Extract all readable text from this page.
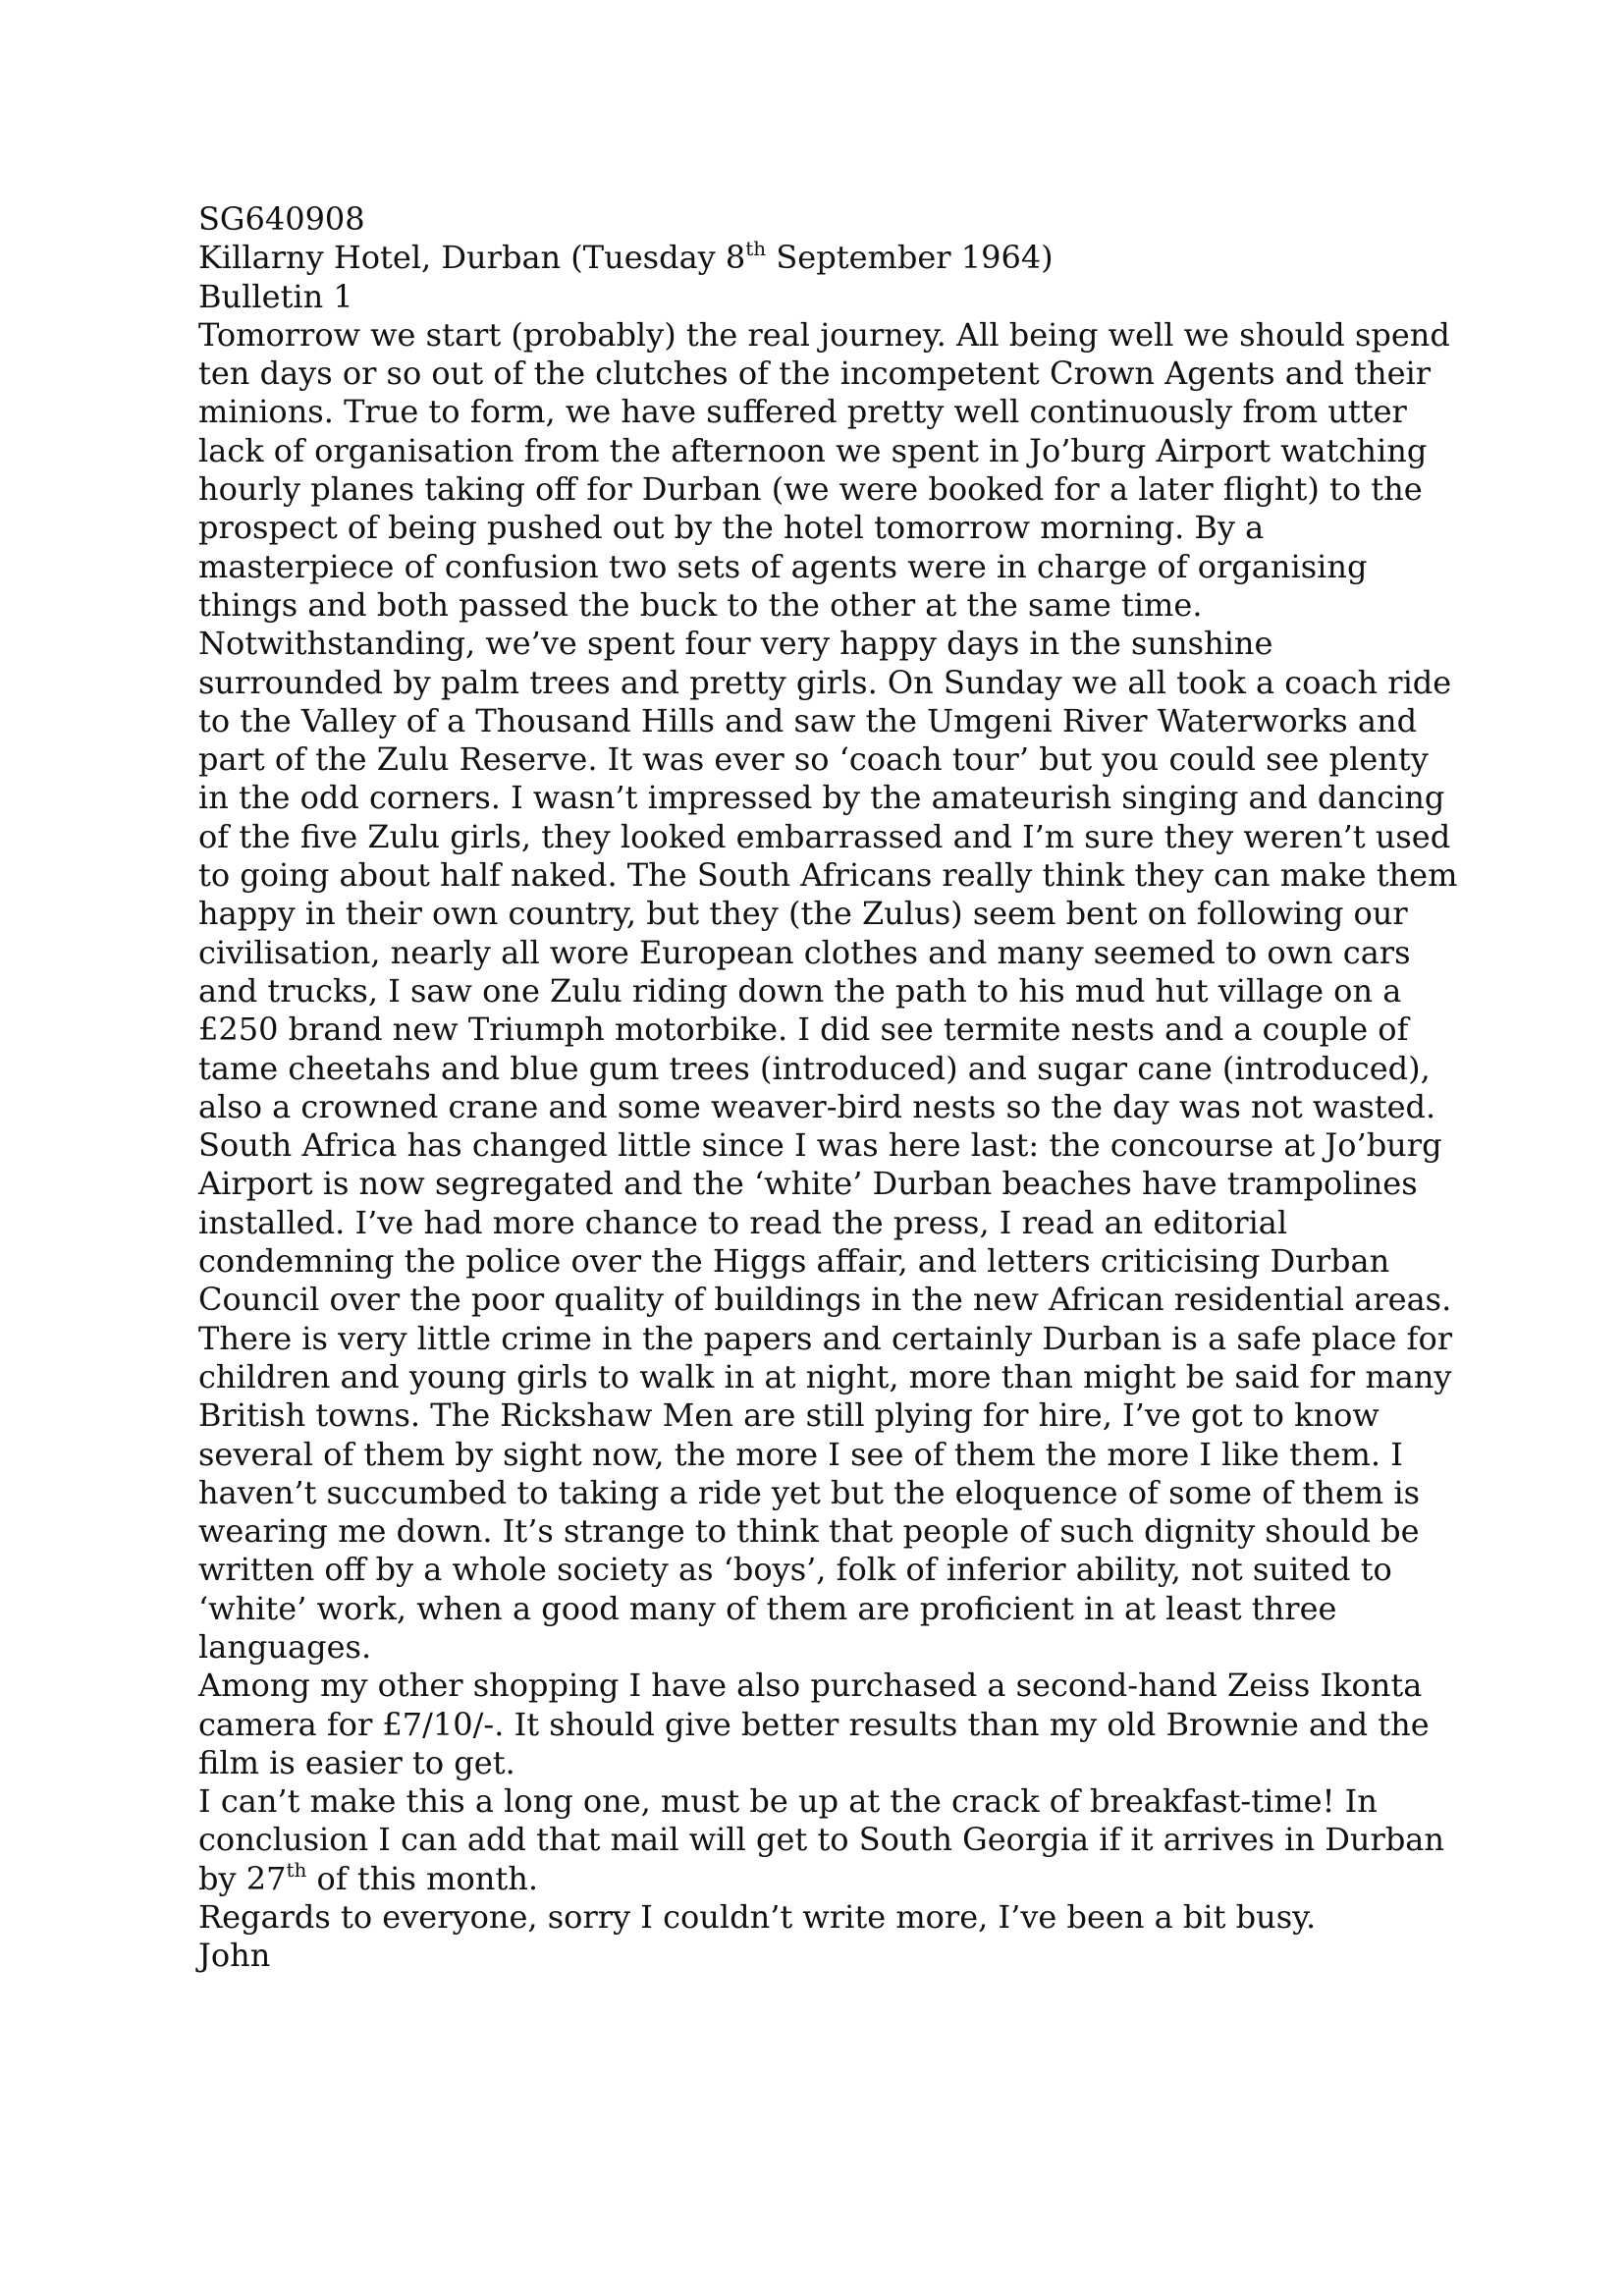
SG640908

Killarny Hotel, Durban (Tuesday 8th September 1964)

Bulletin 1

Tomorrow we start (probably) the real journey. All being well we should spend ten days or so out of the clutches of the incompetent Crown Agents and their minions. True to form, we have suffered pretty well continuously from utter lack of organisation from the afternoon we spent in Jo’burg Airport watching hourly planes taking off for Durban (we were booked for a later flight) to the prospect of being pushed out by the hotel tomorrow morning. By a masterpiece of confusion two sets of agents were in charge of organising things and both passed the buck to the other at the same time. Notwithstanding, we’ve spent four very happy days in the sunshine surrounded by palm trees and pretty girls. On Sunday we all took a coach ride to the Valley of a Thousand Hills and saw the Umgeni River Waterworks and part of the Zulu Reserve. It was ever so ‘coach tour’ but you could see plenty in the odd corners. I wasn’t impressed by the amateurish singing and dancing of the five Zulu girls, they looked embarrassed and I’m sure they weren’t used to going about half naked. The South Africans really think they can make them happy in their own country, but they (the Zulus) seem bent on following our civilisation, nearly all wore European clothes and many seemed to own cars and trucks, I saw one Zulu riding down the path to his mud hut village on a £250 brand new Triumph motorbike. I did see termite nests and a couple of tame cheetahs and blue gum trees (introduced) and sugar cane (introduced), also a crowned crane and some weaver-bird nests so the day was not wasted.

South Africa has changed little since I was here last: the concourse at Jo’burg Airport is now segregated and the ‘white’ Durban beaches have trampolines installed. I’ve had more chance to read the press, I read an editorial condemning the police over the Higgs affair, and letters criticising Durban Council over the poor quality of buildings in the new African residential areas. There is very little crime in the papers and certainly Durban is a safe place for children and young girls to walk in at night, more than might be said for many British towns. The Rickshaw Men are still plying for hire, I’ve got to know several of them by sight now, the more I see of them the more I like them. I haven’t succumbed to taking a ride yet but the eloquence of some of them is wearing me down. It’s strange to think that people of such dignity should be written off by a whole society as ‘boys’, folk of inferior ability, not suited to ‘white’ work, when a good many of them are proficient in at least three languages.

Among my other shopping I have also purchased a second-hand Zeiss Ikonta camera for £7/10/-. It should give better results than my old Brownie and the film is easier to get.

I can’t make this a long one, must be up at the crack of breakfast-time! In conclusion I can add that mail will get to South Georgia if it arrives in Durban by 27th of this month.

Regards to everyone, sorry I couldn’t write more, I’ve been a bit busy.

John
